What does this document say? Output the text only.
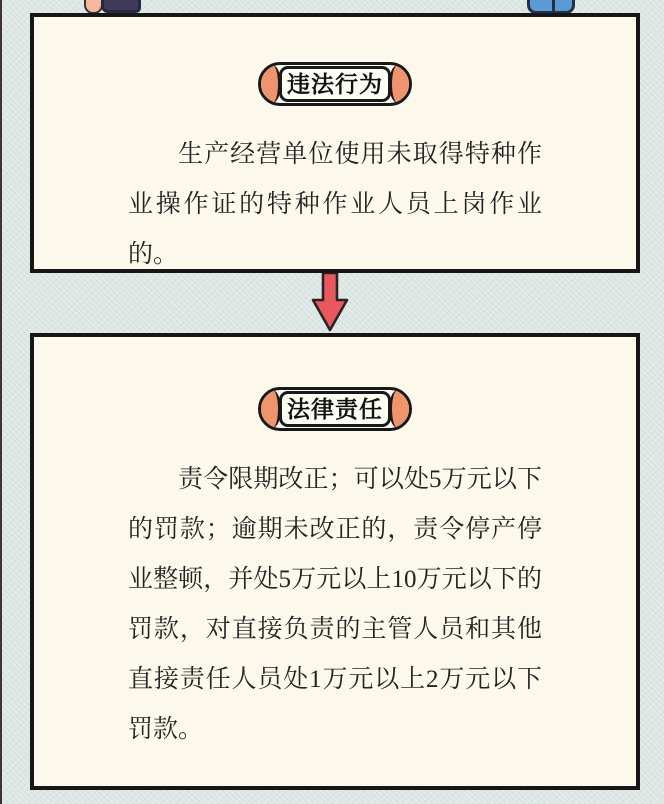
违法行为

生产经营单位使用未取得特种作业操作证的特种作业人员上岗作业的。

法律责任

责令限期改正；可以处5万元以下的罚款；逾期未改正的，责令停产停业整顿，并处5万元以上10万元以下的罚款，对直接负责的主管人员和其他直接责任人员处1万元以上2万元以下罚款。
